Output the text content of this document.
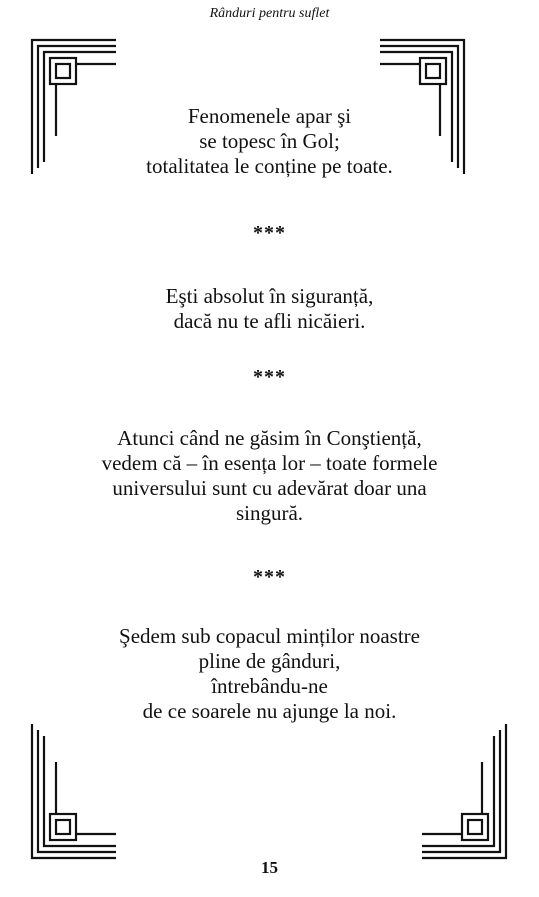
Rânduri pentru suflet
Fenomenele apar şi
se topesc în Gol;
totalitatea le conține pe toate.
***
Eşti absolut în siguranță,
dacă nu te afli nicăieri.
***
Atunci când ne găsim în Conştiență,
vedem că – în esența lor – toate formele
universului sunt cu adevărat doar una
singură.
***
Şedem sub copacul minților noastre
pline de gânduri,
întrebându-ne
de ce soarele nu ajunge la noi.
15
